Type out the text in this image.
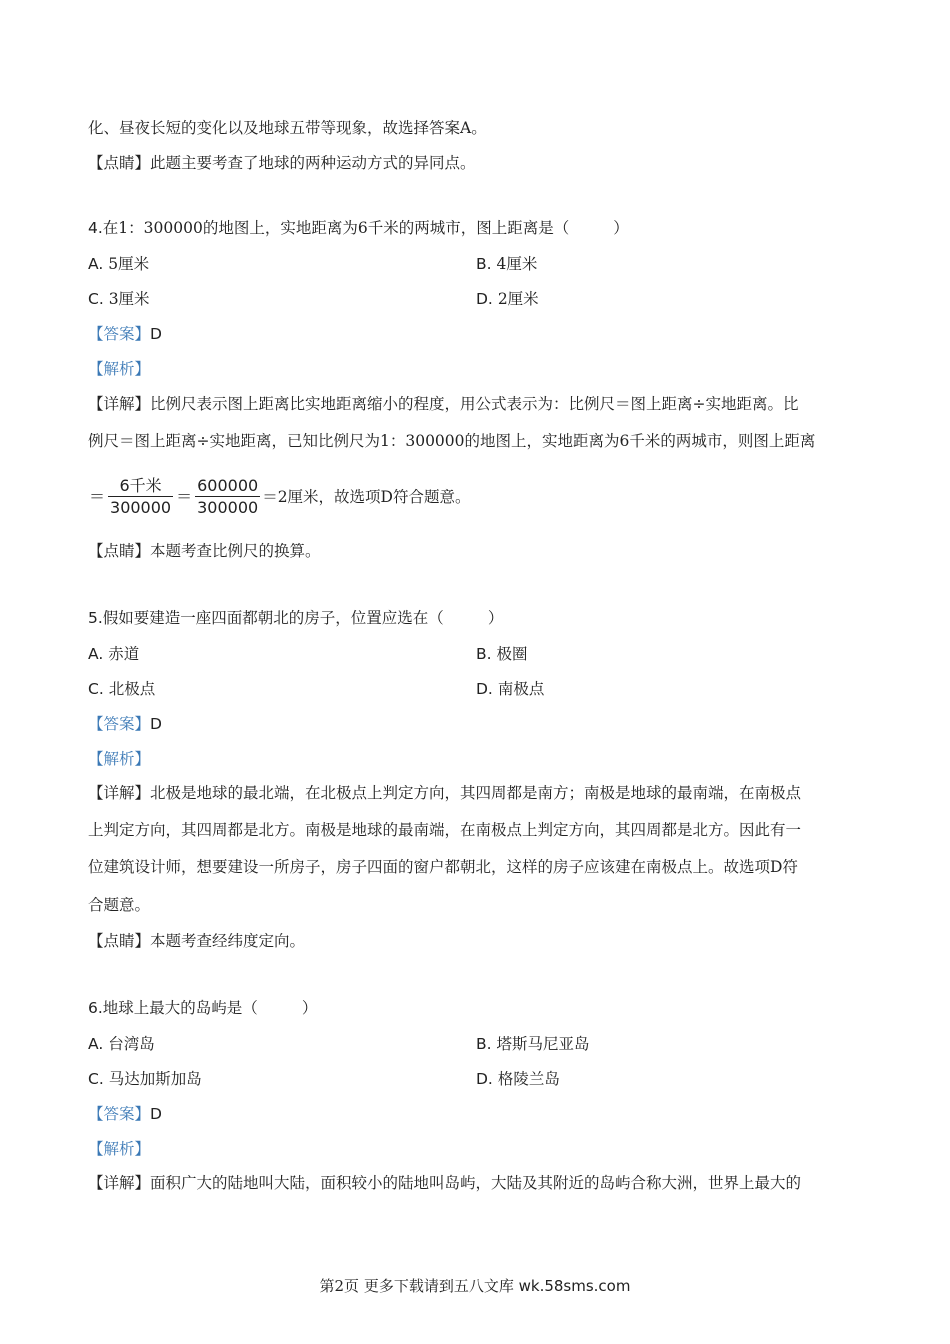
化、昼夜长短的变化以及地球五带等现象，故选择答案A。
【点睛】此题主要考查了地球的两种运动方式的异同点。
4.在1：300000的地图上，实地距离为6千米的两城市，图上距离是（	）
A. 5厘米	B. 4厘米
C. 3厘米	D. 2厘米
【答案】D
【解析】
【详解】比例尺表示图上距离比实地距离缩小的程度，用公式表示为：比例尺＝图上距离÷实地距离。比
例尺＝图上距离÷实地距离，已知比例尺为1：300000的地图上，实地距离为6千米的两城市，则图上距离
＝ $\frac{\text{6千米}}{300000} = \frac{600000}{300000} =2$厘米，故选项D符合题意。
【点睛】本题考查比例尺的换算。
5.假如要建造一座四面都朝北的房子，位置应选在（	）
A. 赤道	B. 极圈
C. 北极点	D. 南极点
【答案】D
【解析】
【详解】北极是地球的最北端，在北极点上判定方向，其四周都是南方；南极是地球的最南端，在南极点
上判定方向，其四周都是北方。南极是地球的最南端，在南极点上判定方向，其四周都是北方。因此有一
位建筑设计师，想要建设一所房子，房子四面的窗户都朝北，这样的房子应该建在南极点上。故选项D符
合题意。
【点睛】本题考查经纬度定向。
6.地球上最大的岛屿是（	）
A. 台湾岛	B. 塔斯马尼亚岛
C. 马达加斯加岛	D. 格陵兰岛
【答案】D
【解析】
【详解】面积广大的陆地叫大陆，面积较小的陆地叫岛屿，大陆及其附近的岛屿合称大洲，世界上最大的
第2页 更多下载请到五八文库 wk.58sms.com
